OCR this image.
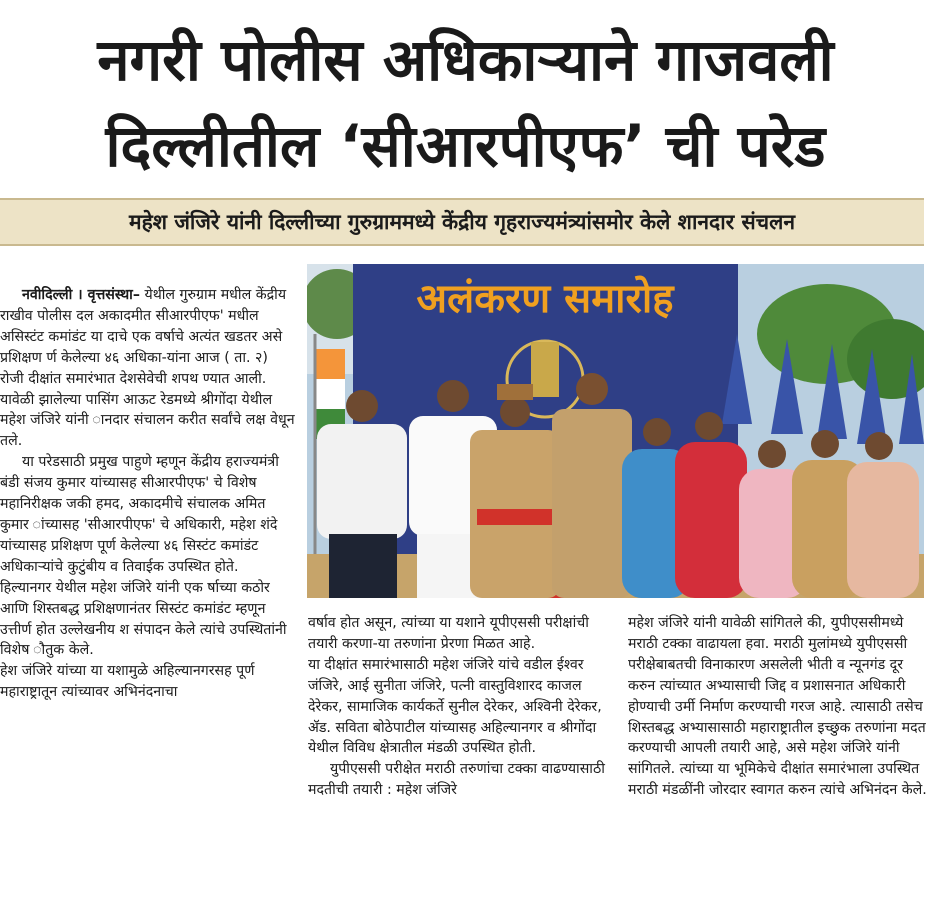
नगरी पोलीस अधिकाऱ्याने गाजवली
दिल्लीतील ‘सीआरपीएफ’ ची परेड
महेश जंजिरे यांनी दिल्लीच्या गुरुग्राममध्ये केंद्रीय गृहराज्यमंत्र्यांसमोर केले शानदार संचलन

नवीदिल्ली । वृत्तसंस्था– येथील गुरुग्राम मधील केंद्रीय राखीव पोलीस दल अकादमीत सीआरपीएफ' मधील असिस्टंट कमांडंट या दाचे एक वर्षाचे अत्यंत खडतर असे प्रशिक्षण र्ण केलेल्या ४६ अधिका-यांना आज ( ता. २) रोजी दीक्षांत समारंभात देशसेवेची शपथ ण्यात आली. यावेळी झालेल्या पासिंग आऊट रेडमध्ये श्रीगोंदा येथील महेश जंजिरे यांनी ानदार संचालन करीत सर्वांचे लक्ष वेधून तले.

या परेडसाठी प्रमुख पाहुणे म्हणून केंद्रीय हराज्यमंत्री बंडी संजय कुमार यांच्यासह सीआरपीएफ' चे विशेष महानिरीक्षक जकी हमद, अकादमीचे संचालक अमित कुमार ांच्यासह 'सीआरपीएफ' चे अधिकारी, महेश शंदे यांच्यासह प्रशिक्षण पूर्ण केलेल्या ४६ सिस्टंट कमांडंट अधिकाऱ्यांचे कुटुंबीय व तिवाईक उपस्थित होते.

हिल्यानगर येथील महेश जंजिरे यांनी एक र्षाच्या कठोर आणि शिस्तबद्ध प्रशिक्षणानंतर सिस्टंट कमांडंट म्हणून उत्तीर्ण होत उल्लेखनीय श संपादन केले त्यांचे उपस्थितांनी विशेष ौतुक केले.

हेश जंजिरे यांच्या या यशामुळे अहिल्यानगरसह पूर्ण महाराष्ट्रातून त्यांच्यावर अभिनंदनाचा

अलंकरण समारोह

वर्षाव होत असून, त्यांच्या या यशाने यूपीएससी परीक्षांची तयारी करणा-या तरुणांना प्रेरणा मिळत आहे.

या दीक्षांत समारंभासाठी महेश जंजिरे यांचे वडील ईश्वर जंजिरे, आई सुनीता जंजिरे, पत्नी वास्तुविशारद काजल देरेकर, सामाजिक कार्यकर्ते सुनील देरेकर, अश्विनी देरेकर, ॲड. सविता बोठेपाटील यांच्यासह अहिल्यानगर व श्रीगोंदा येथील विविध क्षेत्रातील मंडळी उपस्थित होती.

युपीएससी परीक्षेत मराठी तरुणांचा टक्का वाढण्यासाठी मदतीची तयारी : महेश जंजिरे

महेश जंजिरे यांनी यावेळी सांगितले की, युपीएससीमध्ये मराठी टक्का वाढायला हवा. मराठी मुलांमध्ये युपीएससी परीक्षेबाबतची विनाकारण असलेली भीती व न्यूनगंड दूर करुन त्यांच्यात अभ्यासाची जिद्द व प्रशासनात अधिकारी होण्याची उर्मी निर्माण करण्याची गरज आहे. त्यासाठी तसेच शिस्तबद्ध अभ्यासासाठी महाराष्ट्रातील इच्छुक तरुणांना मदत करण्याची आपली तयारी आहे, असे महेश जंजिरे यांनी सांगितले. त्यांच्या या भूमिकेचे दीक्षांत समारंभाला उपस्थित मराठी मंडळींनी जोरदार स्वागत करुन त्यांचे अभिनंदन केले.
